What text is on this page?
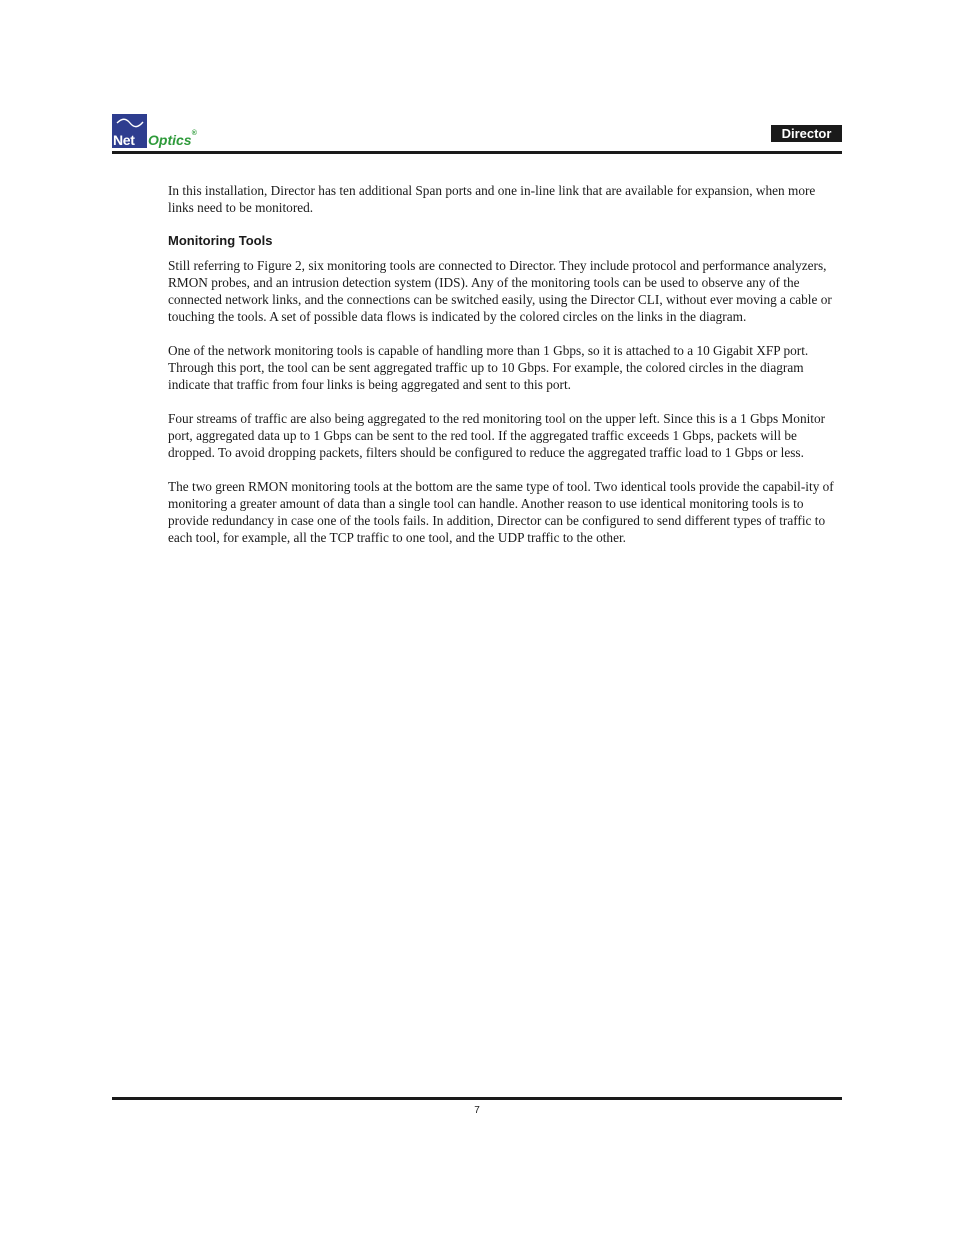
Net Optics®	Director

In this installation, Director has ten additional Span ports and one in-line link that are available for expansion, when more links need to be monitored.

Monitoring Tools

Still referring to Figure 2, six monitoring tools are connected to Director. They include protocol and performance analyzers, RMON probes, and an intrusion detection system (IDS). Any of the monitoring tools can be used to observe any of the connected network links, and the connections can be switched easily, using the Director CLI, without ever moving a cable or touching the tools. A set of possible data flows is indicated by the colored circles on the links in the diagram.

One of the network monitoring tools is capable of handling more than 1 Gbps, so it is attached to a 10 Gigabit XFP port. Through this port, the tool can be sent aggregated traffic up to 10 Gbps. For example, the colored circles in the diagram indicate that traffic from four links is being aggregated and sent to this port.

Four streams of traffic are also being aggregated to the red monitoring tool on the upper left. Since this is a 1 Gbps Monitor port, aggregated data up to 1 Gbps can be sent to the red tool. If the aggregated traffic exceeds 1 Gbps, packets will be dropped. To avoid dropping packets, filters should be configured to reduce the aggregated traffic load to 1 Gbps or less.

The two green RMON monitoring tools at the bottom are the same type of tool. Two identical tools provide the capabil-ity of monitoring a greater amount of data than a single tool can handle. Another reason to use identical monitoring tools is to provide redundancy in case one of the tools fails. In addition, Director can be configured to send different types of traffic to each tool, for example, all the TCP traffic to one tool, and the UDP traffic to the other.

7
